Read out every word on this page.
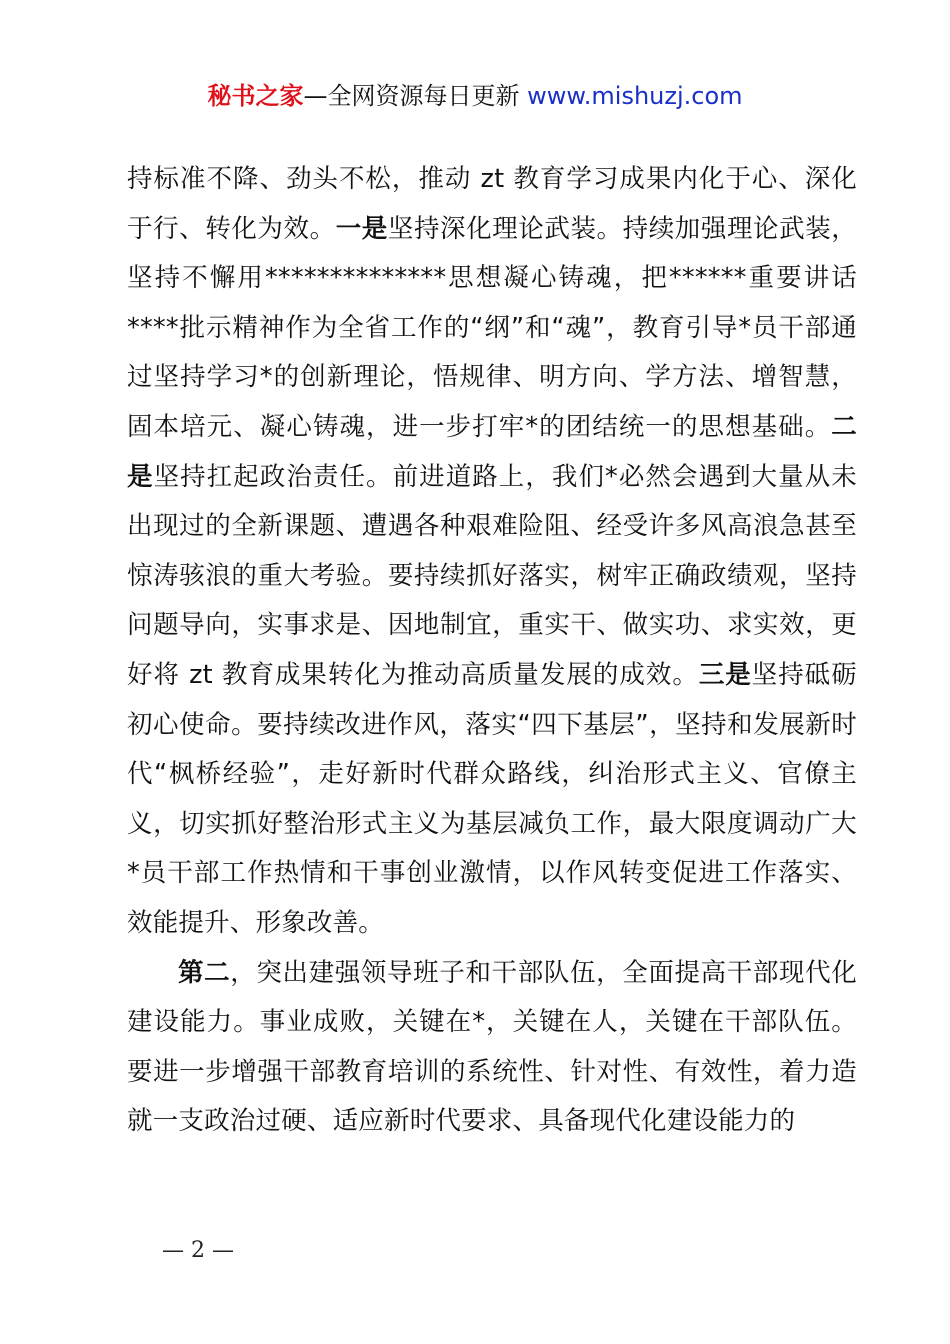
秘书之家—全网资源每日更新 www.mishuzj.com

持标准不降、劲头不松，推动 zt 教育学习成果内化于心、深化于行、转化为效。一是坚持深化理论武装。持续加强理论武装，坚持不懈用**************思想凝心铸魂，把******重要讲话****批示精神作为全省工作的“纲”和“魂”，教育引导*员干部通过坚持学习*的创新理论，悟规律、明方向、学方法、增智慧，固本培元、凝心铸魂，进一步打牢*的团结统一的思想基础。二是坚持扛起政治责任。前进道路上，我们*必然会遇到大量从未出现过的全新课题、遭遇各种艰难险阻、经受许多风高浪急甚至惊涛骇浪的重大考验。要持续抓好落实，树牢正确政绩观，坚持问题导向，实事求是、因地制宜，重实干、做实功、求实效，更好将 zt 教育成果转化为推动高质量发展的成效。三是坚持砥砺初心使命。要持续改进作风，落实“四下基层”，坚持和发展新时代“枫桥经验”，走好新时代群众路线，纠治形式主义、官僚主义，切实抓好整治形式主义为基层减负工作，最大限度调动广大*员干部工作热情和干事创业激情，以作风转变促进工作落实、效能提升、形象改善。

第二，突出建强领导班子和干部队伍，全面提高干部现代化建设能力。事业成败，关键在*，关键在人，关键在干部队伍。要进一步增强干部教育培训的系统性、针对性、有效性，着力造就一支政治过硬、适应新时代要求、具备现代化建设能力的

— 2 —
